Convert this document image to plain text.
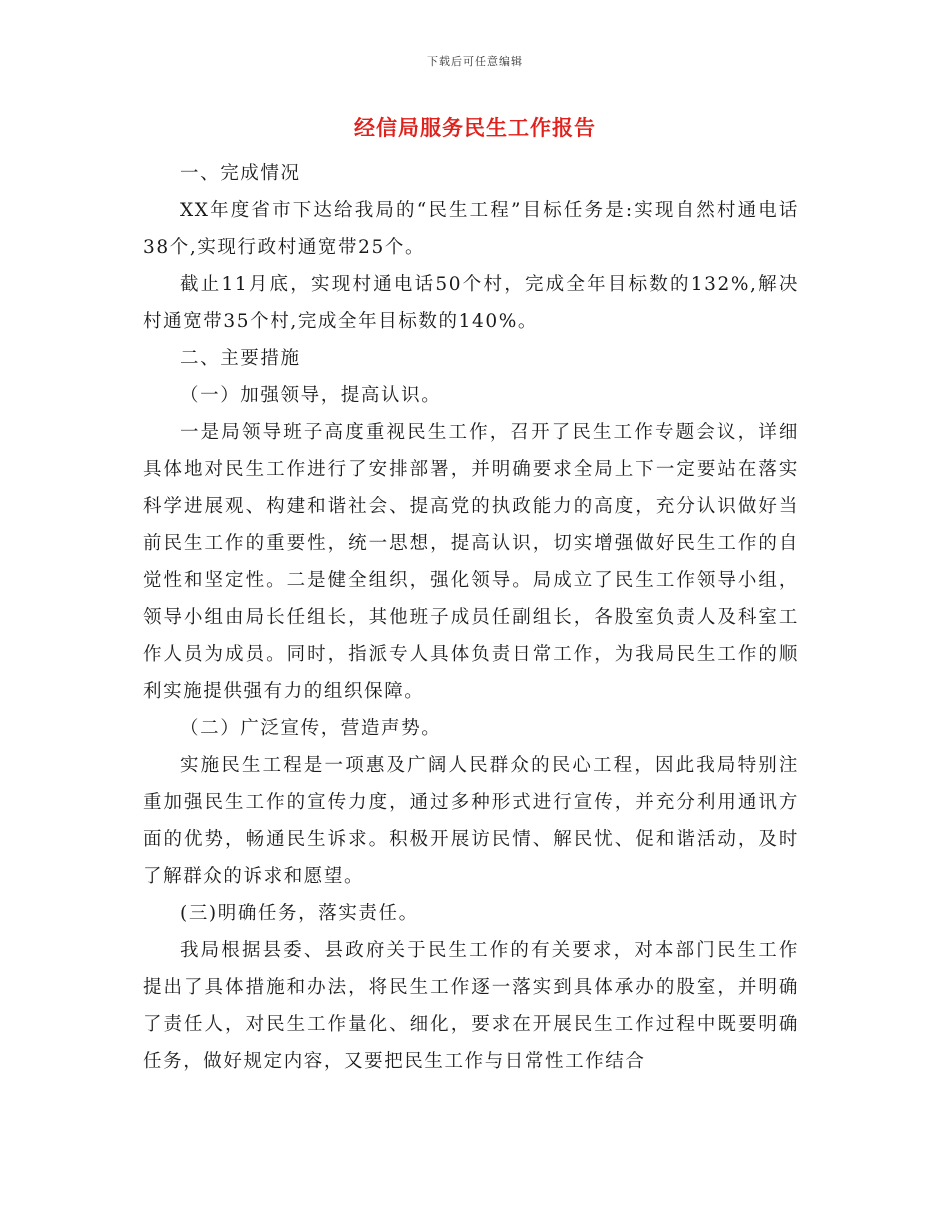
下载后可任意编辑
经信局服务民生工作报告

一、完成情况

XX年度省市下达给我局的“民生工程”目标任务是:实现自然村通电话38个,实现行政村通宽带25个。

截止11月底，实现村通电话50个村，完成全年目标数的132%,解决村通宽带35个村,完成全年目标数的140%。

二、主要措施

（一）加强领导，提高认识。

一是局领导班子高度重视民生工作，召开了民生工作专题会议，详细具体地对民生工作进行了安排部署，并明确要求全局上下一定要站在落实科学进展观、构建和谐社会、提高党的执政能力的高度，充分认识做好当前民生工作的重要性，统一思想，提高认识，切实增强做好民生工作的自觉性和坚定性。二是健全组织，强化领导。局成立了民生工作领导小组，领导小组由局长任组长，其他班子成员任副组长，各股室负责人及科室工作人员为成员。同时，指派专人具体负责日常工作，为我局民生工作的顺利实施提供强有力的组织保障。

（二）广泛宣传，营造声势。

实施民生工程是一项惠及广阔人民群众的民心工程，因此我局特别注重加强民生工作的宣传力度，通过多种形式进行宣传，并充分利用通讯方面的优势，畅通民生诉求。积极开展访民情、解民忧、促和谐活动，及时了解群众的诉求和愿望。

(三)明确任务，落实责任。

我局根据县委、县政府关于民生工作的有关要求，对本部门民生工作提出了具体措施和办法，将民生工作逐一落实到具体承办的股室，并明确了责任人，对民生工作量化、细化，要求在开展民生工作过程中既要明确任务，做好规定内容，又要把民生工作与日常性工作结合
